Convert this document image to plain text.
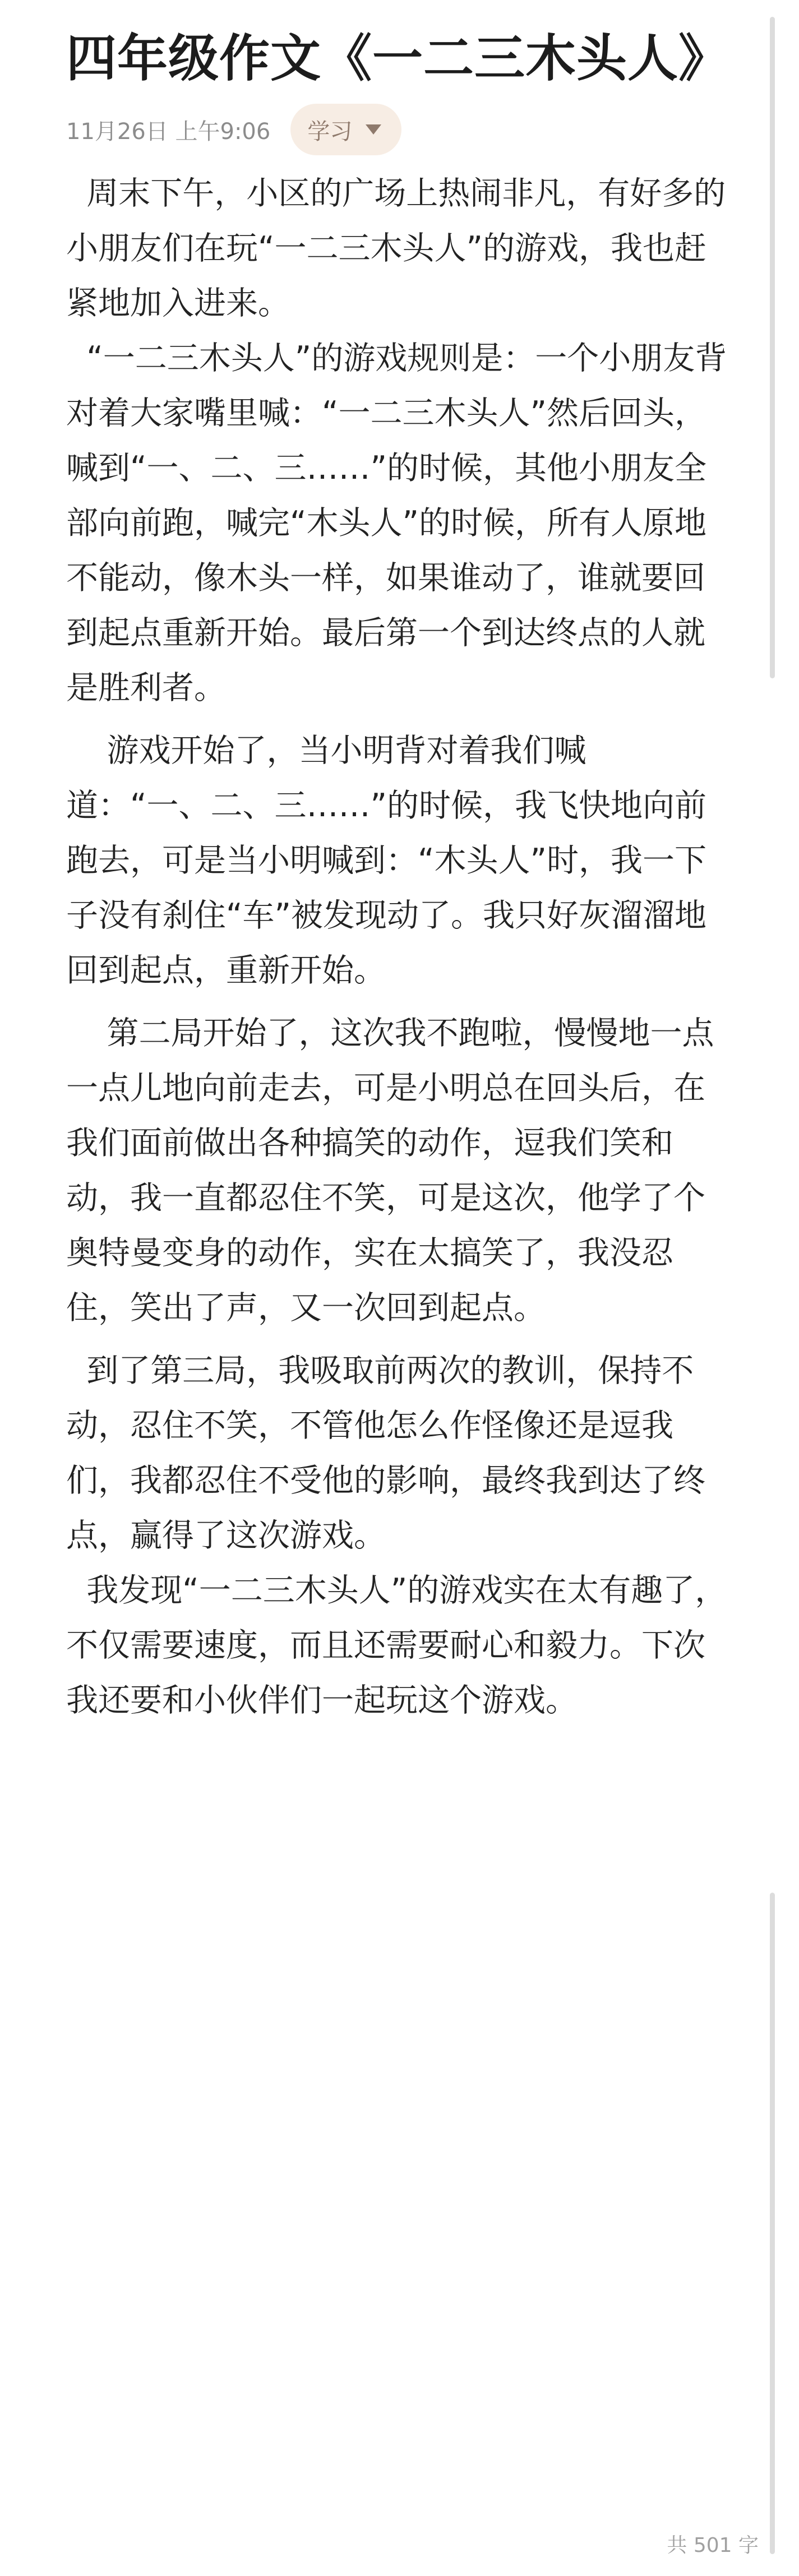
四年级作文《一二三木头人》
11月26日 上午9:06 学习

周末下午，小区的广场上热闹非凡，有好多的小朋友们在玩“一二三木头人”的游戏，我也赶紧地加入进来。

“一二三木头人”的游戏规则是：一个小朋友背对着大家嘴里喊：“一二三木头人”然后回头，喊到“一、二、三……”的时候，其他小朋友全部向前跑，喊完“木头人”的时候，所有人原地不能动，像木头一样，如果谁动了，谁就要回到起点重新开始。最后第一个到达终点的人就是胜利者。

游戏开始了，当小明背对着我们喊道：“一、二、三……”的时候，我飞快地向前跑去，可是当小明喊到：“木头人”时，我一下子没有刹住“车”被发现动了。我只好灰溜溜地回到起点，重新开始。

第二局开始了，这次我不跑啦，慢慢地一点一点儿地向前走去，可是小明总在回头后，在我们面前做出各种搞笑的动作，逗我们笑和动，我一直都忍住不笑，可是这次，他学了个奥特曼变身的动作，实在太搞笑了，我没忍住，笑出了声，又一次回到起点。

到了第三局，我吸取前两次的教训，保持不动，忍住不笑，不管他怎么作怪像还是逗我们，我都忍住不受他的影响，最终我到达了终点，赢得了这次游戏。

我发现“一二三木头人”的游戏实在太有趣了，不仅需要速度，而且还需要耐心和毅力。下次我还要和小伙伴们一起玩这个游戏。

共 501 字
